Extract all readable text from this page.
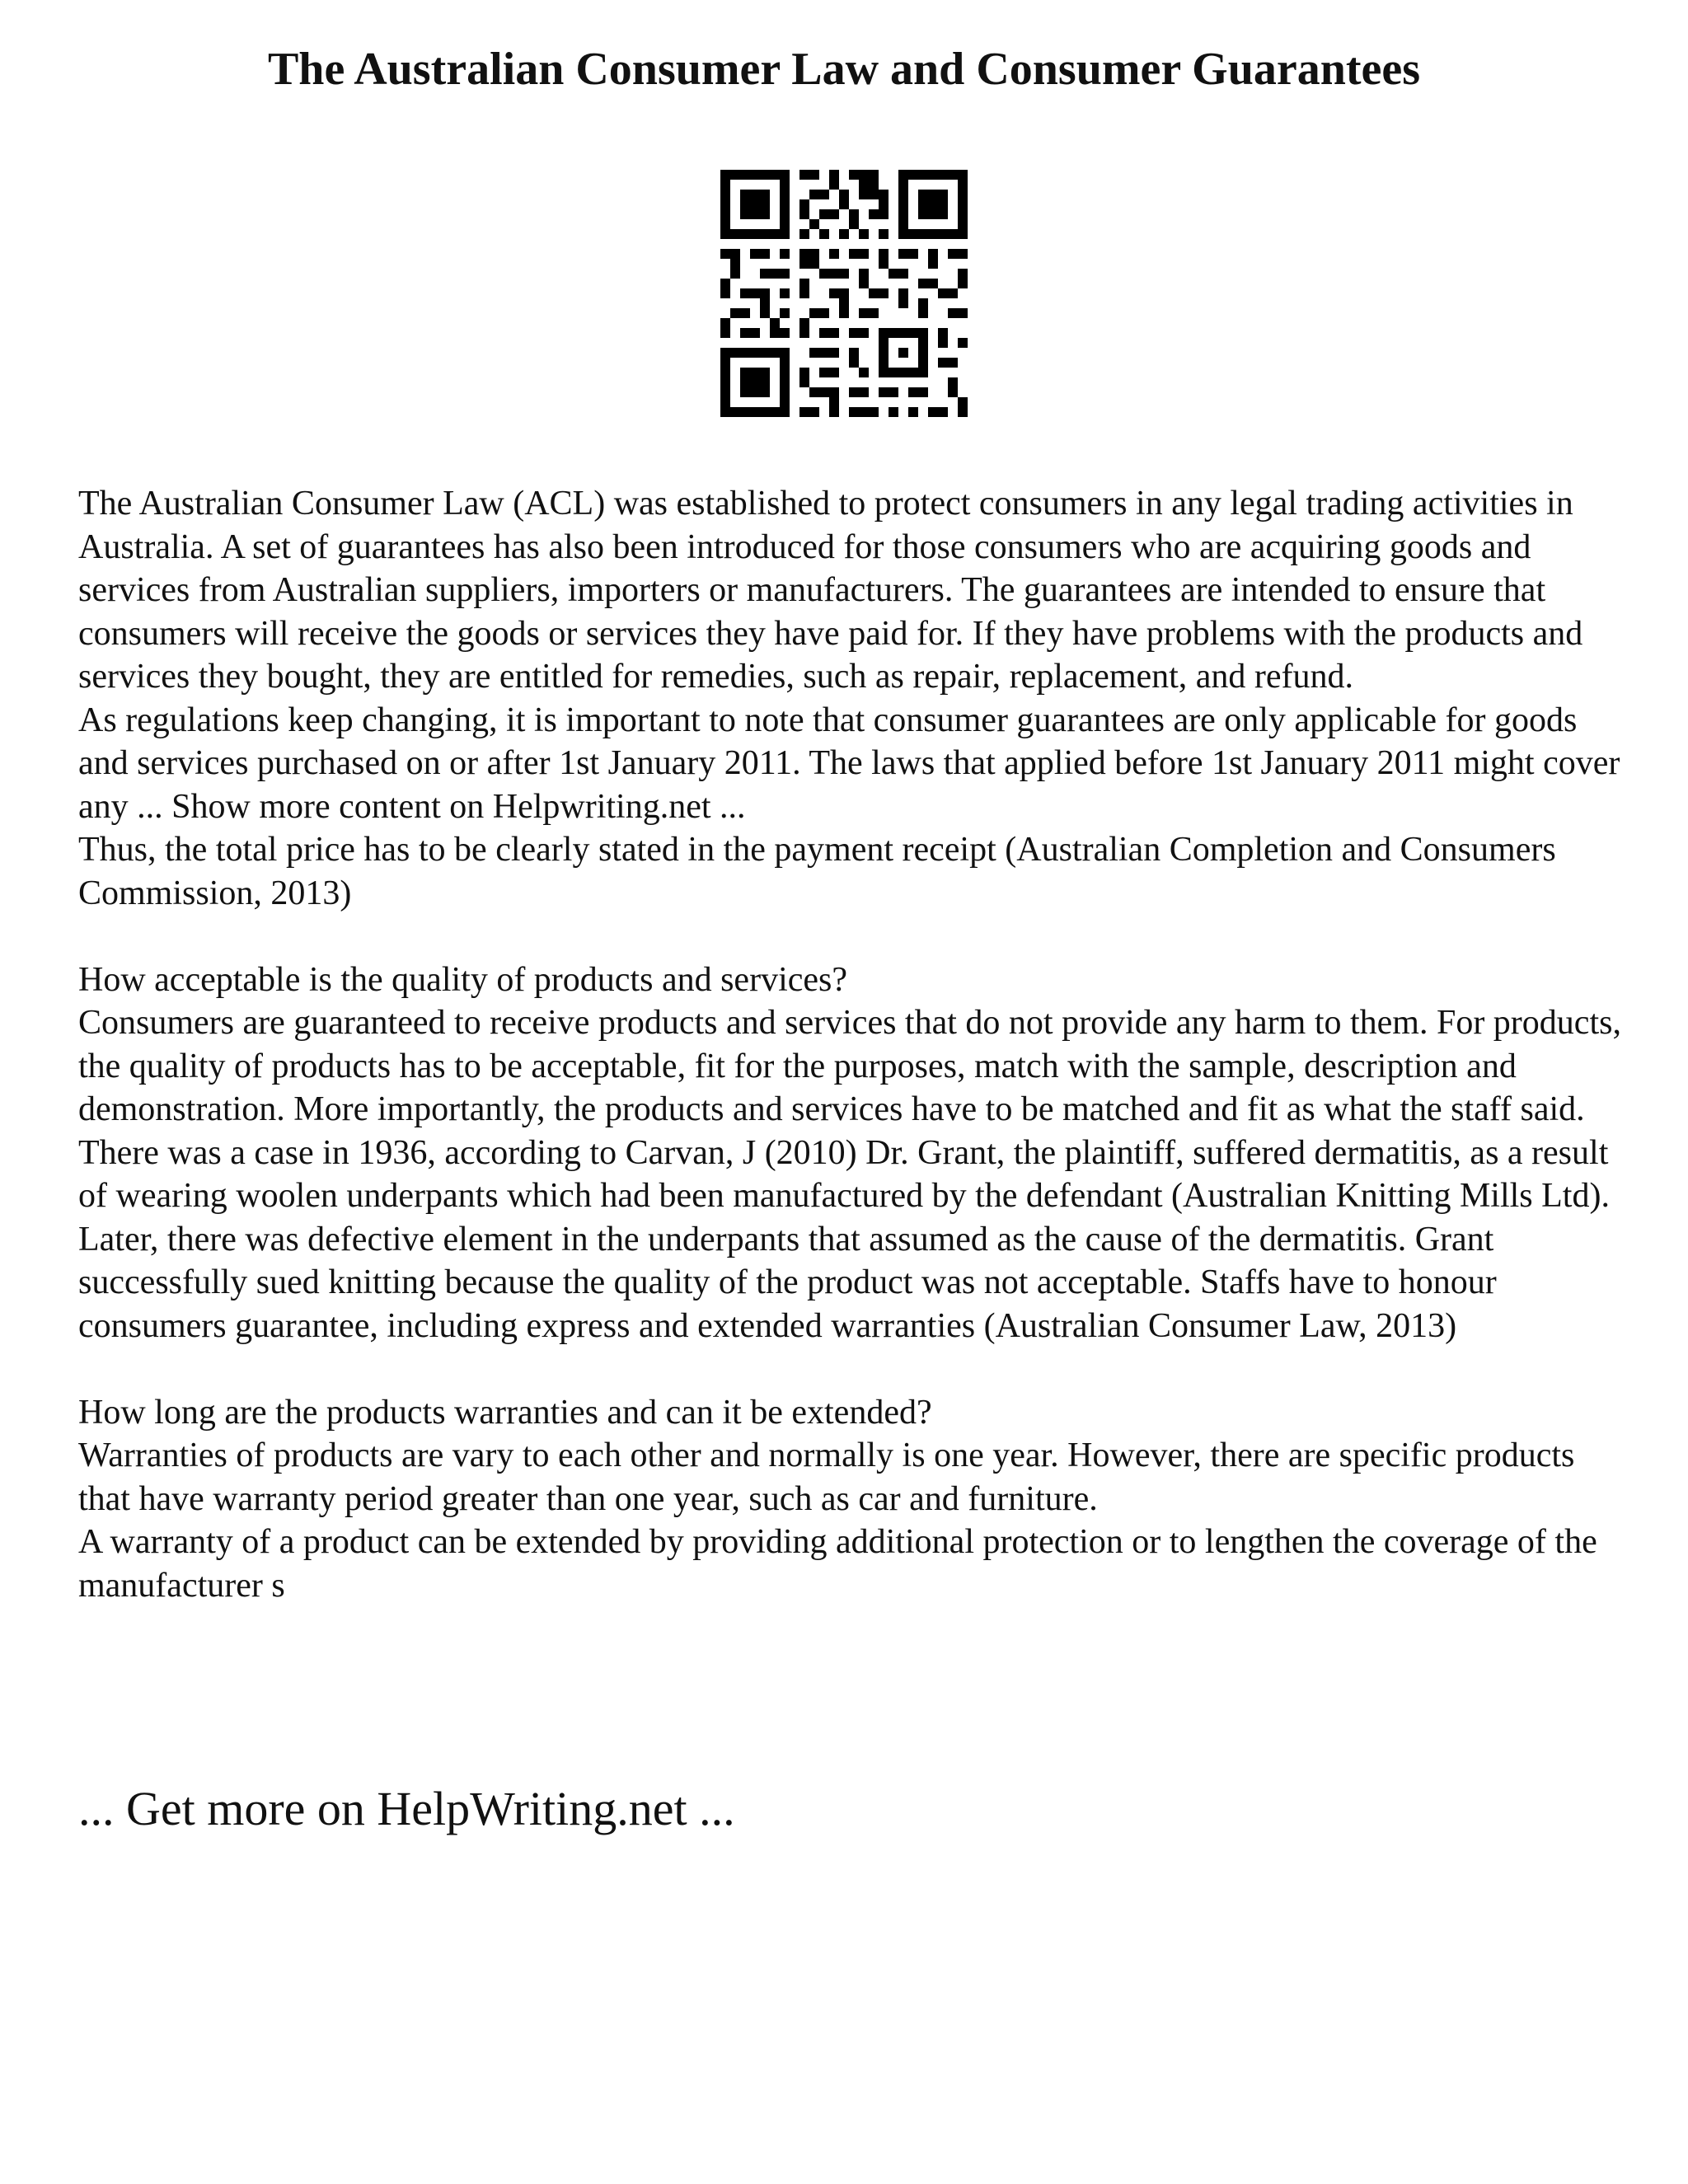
The Australian Consumer Law and Consumer Guarantees

The Australian Consumer Law (ACL) was established to protect consumers in any legal trading activities in Australia. A set of guarantees has also been introduced for those consumers who are acquiring goods and services from Australian suppliers, importers or manufacturers. The guarantees are intended to ensure that consumers will receive the goods or services they have paid for. If they have problems with the products and services they bought, they are entitled for remedies, such as repair, replacement, and refund.

As regulations keep changing, it is important to note that consumer guarantees are only applicable for goods and services purchased on or after 1st January 2011. The laws that applied before 1st January 2011 might cover any ... Show more content on Helpwriting.net ...

Thus, the total price has to be clearly stated in the payment receipt (Australian Completion and Consumers Commission, 2013)

How acceptable is the quality of products and services?

Consumers are guaranteed to receive products and services that do not provide any harm to them. For products, the quality of products has to be acceptable, fit for the purposes, match with the sample, description and demonstration. More importantly, the products and services have to be matched and fit as what the staff said.

There was a case in 1936, according to Carvan, J (2010) Dr. Grant, the plaintiff, suffered dermatitis, as a result of wearing woolen underpants which had been manufactured by the defendant (Australian Knitting Mills Ltd). Later, there was defective element in the underpants that assumed as the cause of the dermatitis. Grant successfully sued knitting because the quality of the product was not acceptable. Staffs have to honour consumers guarantee, including express and extended warranties (Australian Consumer Law, 2013)

How long are the products warranties and can it be extended?

Warranties of products are vary to each other and normally is one year. However, there are specific products that have warranty period greater than one year, such as car and furniture.

A warranty of a product can be extended by providing additional protection or to lengthen the coverage of the manufacturer s

... Get more on HelpWriting.net ...
